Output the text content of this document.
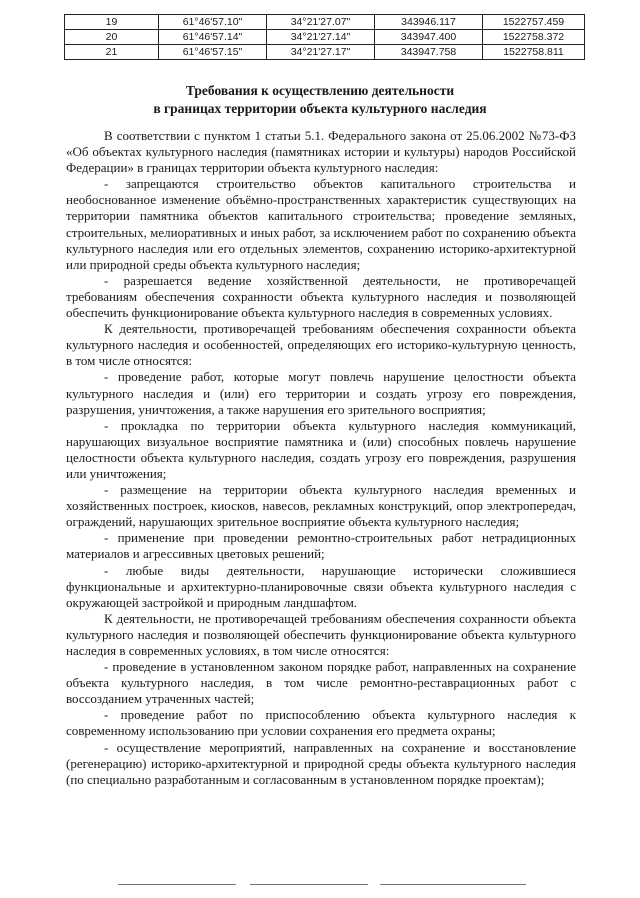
19	61°46'57.10"	34°21'27.07"	343946.117	1522757.459
20	61°46'57.14"	34°21'27.14"	343947.400	1522758.372
21	61°46'57.15"	34°21'27.17"	343947.758	1522758.811
Требования к осуществлению деятельности
в границах территории объекта культурного наследия

В соответствии с пунктом 1 статьи 5.1. Федерального закона от 25.06.2002 №73-ФЗ «Об объектах культурного наследия (памятниках истории и культуры) народов Российской Федерации» в границах территории объекта культурного наследия:

- запрещаются строительство объектов капитального строительства и необоснованное изменение объёмно-пространственных характеристик существующих на территории памятника объектов капитального строительства; проведение земляных, строительных, мелиоративных и иных работ, за исключением работ по сохранению объекта культурного наследия или его отдельных элементов, сохранению историко-архитектурной или природной среды объекта культурного наследия;

- разрешается ведение хозяйственной деятельности, не противоречащей требованиям обеспечения сохранности объекта культурного наследия и позволяющей обеспечить функционирование объекта культурного наследия в современных условиях.

К деятельности, противоречащей требованиям обеспечения сохранности объекта культурного наследия и особенностей, определяющих его историко-культурную ценность, в том числе относятся:

- проведение работ, которые могут повлечь нарушение целостности объекта культурного наследия и (или) его территории и создать угрозу его повреждения, разрушения, уничтожения, а также нарушения его зрительного восприятия;

- прокладка по территории объекта культурного наследия коммуникаций, нарушающих визуальное восприятие памятника и (или) способных повлечь нарушение целостности объекта культурного наследия, создать угрозу его повреждения, разрушения или уничтожения;

- размещение на территории объекта культурного наследия временных и хозяйственных построек, киосков, навесов, рекламных конструкций, опор электропередач, ограждений, нарушающих зрительное восприятие объекта культурного наследия;

- применение при проведении ремонтно-строительных работ нетрадиционных материалов и агрессивных цветовых решений;

- любые виды деятельности, нарушающие исторически сложившиеся функциональные и архитектурно-планировочные связи объекта культурного наследия с окружающей застройкой и природным ландшафтом.

К деятельности, не противоречащей требованиям обеспечения сохранности объекта культурного наследия и позволяющей обеспечить функционирование объекта культурного наследия в современных условиях, в том числе относятся:

- проведение в установленном законом порядке работ, направленных на сохранение объекта культурного наследия, в том числе ремонтно-реставрационных работ с воссозданием утраченных частей;

- проведение работ по приспособлению объекта культурного наследия к современному использованию при условии сохранения его предмета охраны;

- осуществление мероприятий, направленных на сохранение и восстановление (регенерацию) историко-архитектурной и природной среды объекта культурного наследия (по специально разработанным и согласованным в установленном порядке проектам);
